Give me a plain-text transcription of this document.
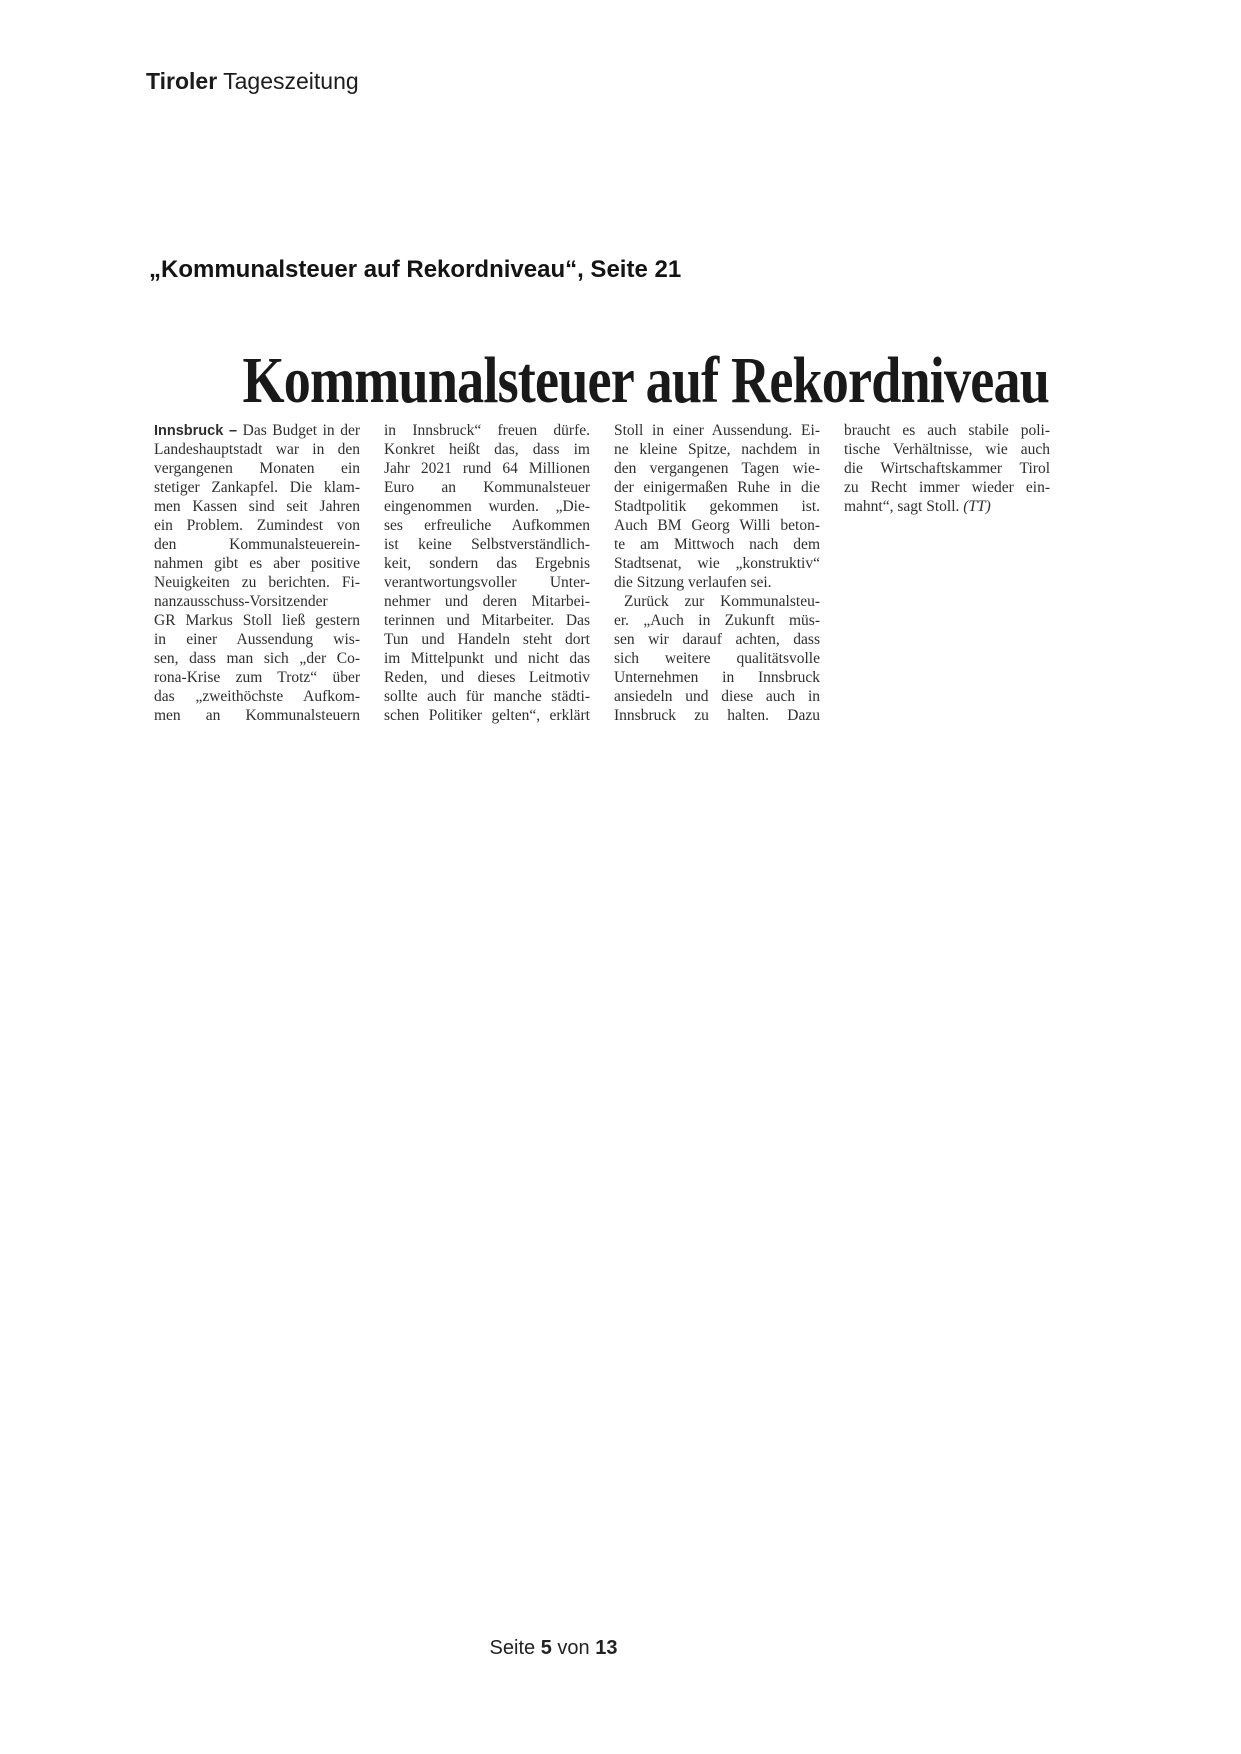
Tiroler Tageszeitung
„Kommunalsteuer auf Rekordniveau“, Seite 21
Kommunalsteuer auf Rekordniveau
Innsbruck – Das Budget in der
Landeshauptstadt war in den
vergangenen Monaten ein
stetiger Zankapfel. Die klam-
men Kassen sind seit Jahren
ein Problem. Zumindest von
den Kommunalsteuerein-
nahmen gibt es aber positive
Neuigkeiten zu berichten. Fi-
nanzausschuss-Vorsitzender
GR Markus Stoll ließ gestern
in einer Aussendung wis-
sen, dass man sich „der Co-
rona-Krise zum Trotz“ über
das „zweithöchste Aufkom-
men an Kommunalsteuern
in Innsbruck“ freuen dürfe.
Konkret heißt das, dass im
Jahr 2021 rund 64 Millionen
Euro an Kommunalsteuer
eingenommen wurden. „Die-
ses erfreuliche Aufkommen
ist keine Selbstverständlich-
keit, sondern das Ergebnis
verantwortungsvoller Unter-
nehmer und deren Mitarbei-
terinnen und Mitarbeiter. Das
Tun und Handeln steht dort
im Mittelpunkt und nicht das
Reden, und dieses Leitmotiv
sollte auch für manche städti-
schen Politiker gelten“, erklärt
Stoll in einer Aussendung. Ei-
ne kleine Spitze, nachdem in
den vergangenen Tagen wie-
der einigermaßen Ruhe in die
Stadtpolitik gekommen ist.
Auch BM Georg Willi beton-
te am Mittwoch nach dem
Stadtsenat, wie „konstruktiv“
die Sitzung verlaufen sei.
Zurück zur Kommunalsteu-
er. „Auch in Zukunft müs-
sen wir darauf achten, dass
sich weitere qualitätsvolle
Unternehmen in Innsbruck
ansiedeln und diese auch in
Innsbruck zu halten. Dazu
braucht es auch stabile poli-
tische Verhältnisse, wie auch
die Wirtschaftskammer Tirol
zu Recht immer wieder ein-
mahnt“, sagt Stoll. (TT)
Seite 5 von 13
